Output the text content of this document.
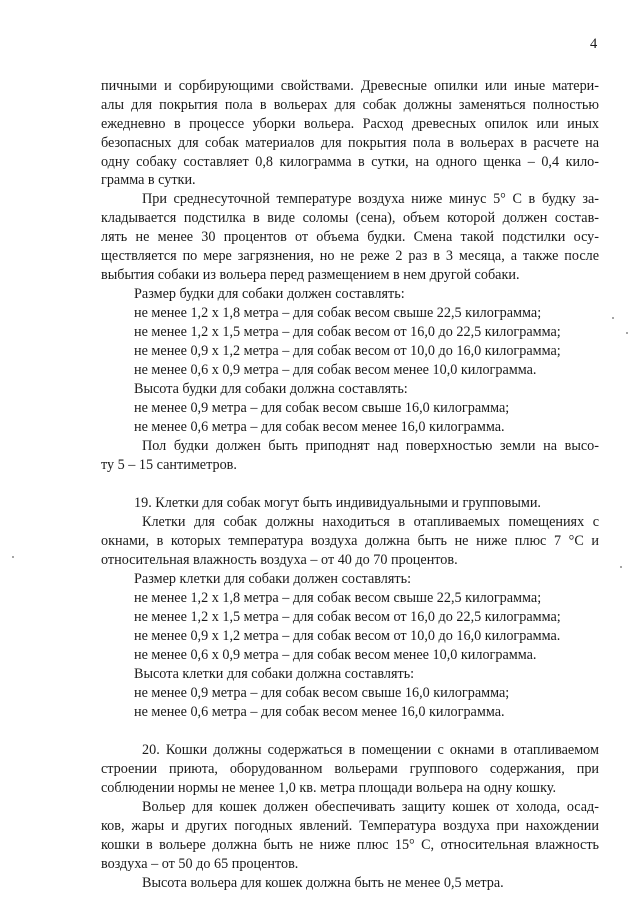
4
пичными и сорбирующими свойствами. Древесные опилки или иные матери-
алы для покрытия пола в вольерах для собак должны заменяться полностью
ежедневно в процессе уборки вольера. Расход древесных опилок или иных
безопасных для собак материалов для покрытия пола в вольерах в расчете на
одну собаку составляет 0,8 килограмма в сутки, на одного щенка – 0,4 кило-
грамма в сутки.
При среднесуточной температуре воздуха ниже минус 5° С в будку за-
кладывается подстилка в виде соломы (сена), объем которой должен состав-
лять не менее 30 процентов от объема будки. Смена такой подстилки осу-
ществляется по мере загрязнения, но не реже 2 раз в 3 месяца, а также после
выбытия собаки из вольера перед размещением в нем другой собаки.
Размер будки для собаки должен составлять:
не менее 1,2 х 1,8 метра – для собак весом свыше 22,5 килограмма;
не менее 1,2 х 1,5 метра – для собак весом от 16,0 до 22,5 килограмма;
не менее 0,9 х 1,2 метра – для собак весом от 10,0 до 16,0 килограмма;
не менее 0,6 х 0,9 метра – для собак весом менее 10,0 килограмма.
Высота будки для собаки должна составлять:
не менее 0,9 метра – для собак весом свыше 16,0 килограмма;
не менее 0,6 метра – для собак весом менее 16,0 килограмма.
Пол будки должен быть приподнят над поверхностью земли на высо-
ту 5 – 15 сантиметров.
19. Клетки для собак могут быть индивидуальными и групповыми.
Клетки для собак должны находиться в отапливаемых помещениях с
окнами, в которых температура воздуха должна быть не ниже плюс 7 °С и
относительная влажность воздуха – от 40 до 70 процентов.
Размер клетки для собаки должен составлять:
не менее 1,2 х 1,8 метра – для собак весом свыше 22,5 килограмма;
не менее 1,2 х 1,5 метра – для собак весом от 16,0 до 22,5 килограмма;
не менее 0,9 х 1,2 метра – для собак весом от 10,0 до 16,0 килограмма.
не менее 0,6 х 0,9 метра – для собак весом менее 10,0 килограмма.
Высота клетки для собаки должна составлять:
не менее 0,9 метра – для собак весом свыше 16,0 килограмма;
не менее 0,6 метра – для собак весом менее 16,0 килограмма.
20. Кошки должны содержаться в помещении с окнами в отапливаемом
строении приюта, оборудованном вольерами группового содержания, при
соблюдении нормы не менее 1,0 кв. метра площади вольера на одну кошку.
Вольер для кошек должен обеспечивать защиту кошек от холода, осад-
ков, жары и других погодных явлений. Температура воздуха при нахождении
кошки в вольере должна быть не ниже плюс 15° С, относительная влажность
воздуха – от 50 до 65 процентов.
Высота вольера для кошек должна быть не менее 0,5 метра.
